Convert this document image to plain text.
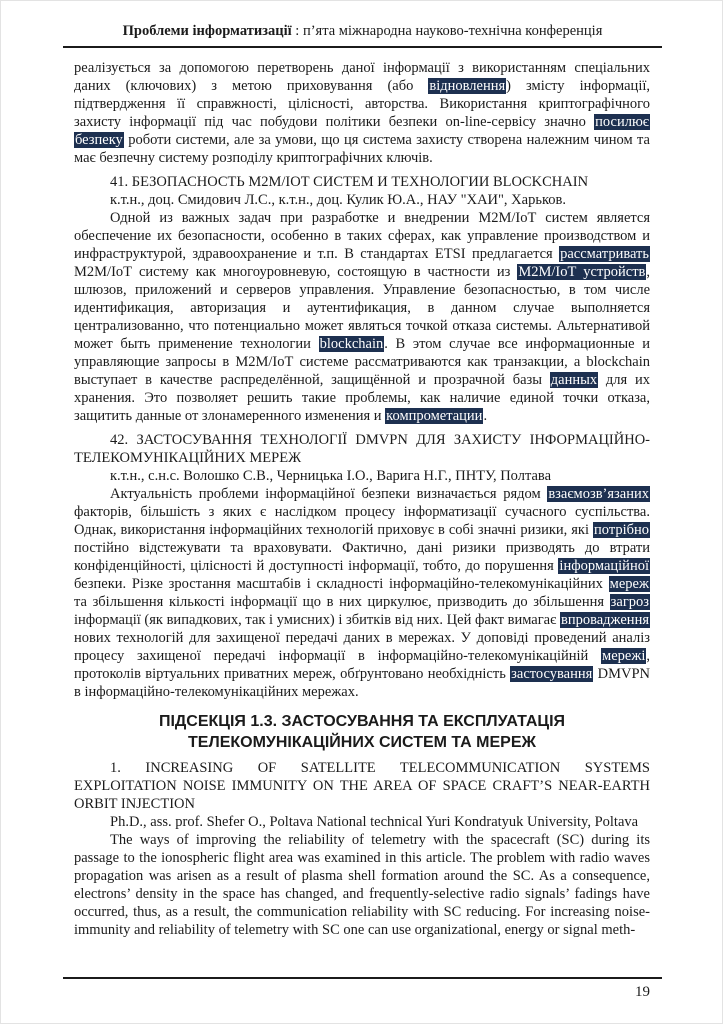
Проблеми інформатизації : п’ята міжнародна науково-технічна конференція

реалізується за допомогою перетворень даної інформації з використанням спеціальних даних (ключових) з метою приховування (або відновлення) змісту інформації, підтвердження її справжності, цілісності, авторства. Використання криптографічного захисту інформації під час побудови політики безпеки on-line-сервісу значно посилює безпеку роботи системи, але за умови, що ця система захисту створена належним чином та має безпечну систему розподілу криптографічних ключів.

41. БЕЗОПАСНОСТЬ М2М/ІОТ СИСТЕМ И ТЕХНОЛОГИИ BLOCKCHAIN

к.т.н., доц. Смидович Л.С., к.т.н., доц. Кулик Ю.А., НАУ "ХАИ", Харьков.

Одной из важных задач при разработке и внедрении М2М/ІоТ систем является обеспечение их безопасности, особенно в таких сферах, как управление производством и инфраструктурой, здравоохранение и т.п. В стандартах ETSI предлагается рассматривать М2М/ІоТ систему как многоуровневую, состоящую в частности из М2М/ІоТ устройств, шлюзов, приложений и серверов управления. Управление безопасностью, в том числе идентификация, авторизация и аутентификация, в данном случае выполняется централизованно, что потенциально может являться точкой отказа системы. Альтернативой может быть применение технологии blockchain. В этом случае все информационные и управляющие запросы в М2М/ІоТ системе рассматриваются как транзакции, а blockchain выступает в качестве распределённой, защищённой и прозрачной базы данных для их хранения. Это позволяет решить такие проблемы, как наличие единой точки отказа, защитить данные от злонамеренного изменения и компрометации.

42. ЗАСТОСУВАННЯ ТЕХНОЛОГІЇ DMVPN ДЛЯ ЗАХИСТУ ІНФОРМАЦІЙНО-ТЕЛЕКОМУНІКАЦІЙНИХ МЕРЕЖ

к.т.н., с.н.с. Волошко С.В., Черницька І.О., Варига Н.Г., ПНТУ, Полтава

Актуальність проблеми інформаційної безпеки визначається рядом взаємозв’язаних факторів, більшість з яких є наслідком процесу інформатизації сучасного суспільства. Однак, використання інформаційних технологій приховує в собі значні ризики, які потрібно постійно відстежувати та враховувати. Фактично, дані ризики призводять до втрати конфіденційності, цілісності й доступності інформації, тобто, до порушення інформаційної безпеки. Різке зростання масштабів і складності інформаційно-телекомунікаційних мереж та збільшення кількості інформації що в них циркулює, призводить до збільшення загроз інформації (як випадкових, так і умисних) і збитків від них. Цей факт вимагає впровадження нових технологій для захищеної передачі даних в мережах. У доповіді проведений аналіз процесу захищеної передачі інформації в інформаційно-телекомунікаційній мережі, протоколів віртуальних приватних мереж, обґрунтовано необхідність застосування DMVPN в інформаційно-телекомунікаційних мережах.

ПІДСЕКЦІЯ 1.3. ЗАСТОСУВАННЯ ТА ЕКСПЛУАТАЦІЯ ТЕЛЕКОМУНІКАЦІЙНИХ СИСТЕМ ТА МЕРЕЖ

1. INCREASING OF SATELLITE TELECOMMUNICATION SYSTEMS EXPLOITATION NOISE IMMUNITY ON THE AREA OF SPACE CRAFT’S NEAR-EARTH ORBIT INJECTION

Ph.D., ass. prof. Shefer O., Poltava National technical Yuri Kondratyuk University, Poltava

The ways of improving the reliability of telemetry with the spacecraft (SC) during its passage to the ionospheric flight area was examined in this article. The problem with radio waves propagation was arisen as a result of plasma shell formation around the SC. As a consequence, electrons’ density in the space has changed, and frequently-selective radio signals’ fadings have occurred, thus, as a result, the communication reliability with SC reducing. For increasing noise-immunity and reliability of telemetry with SC one can use organizational, energy or signal meth-

19
